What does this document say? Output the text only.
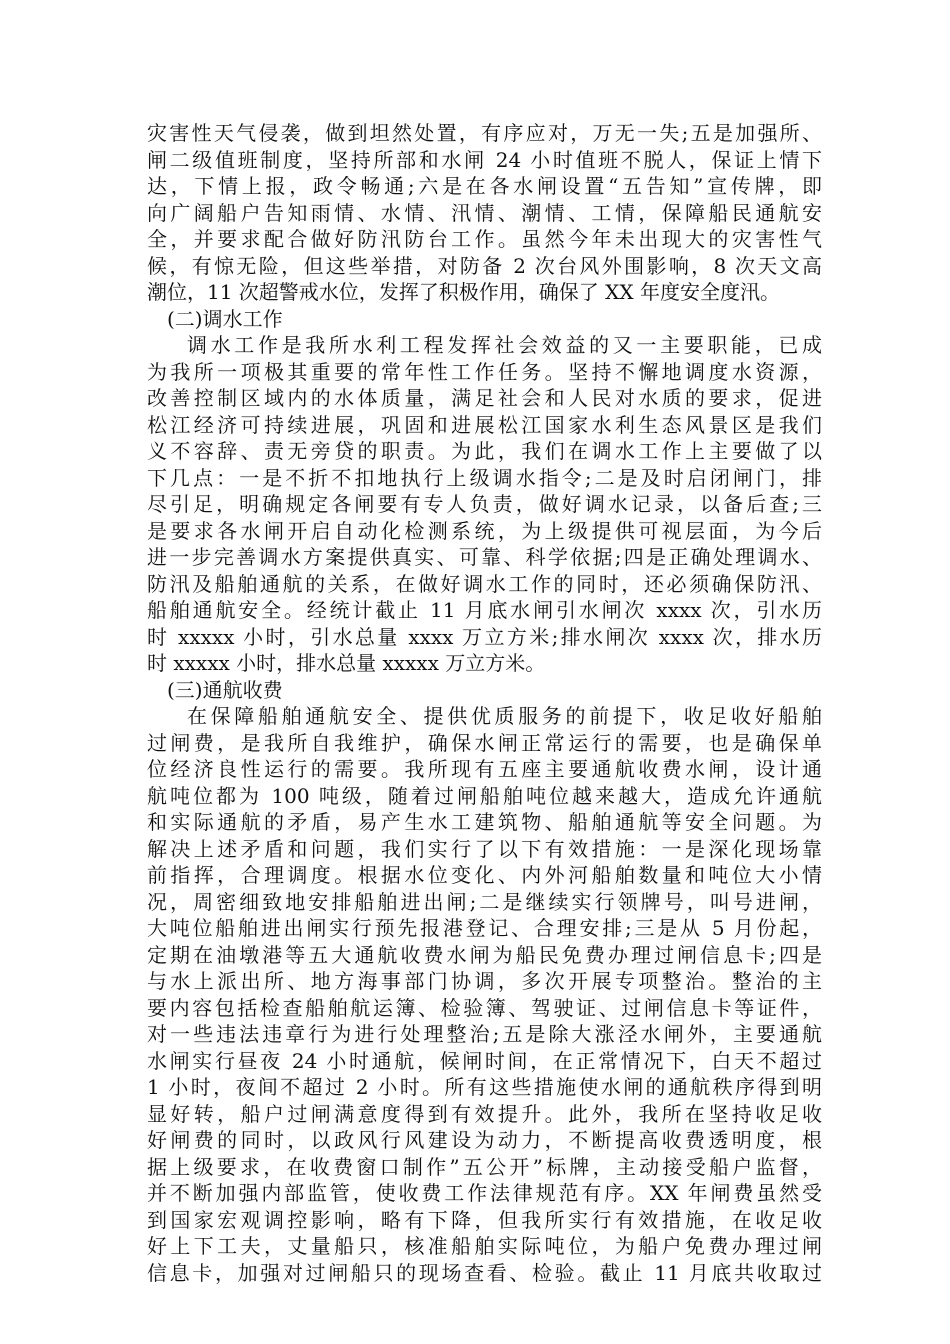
灾害性天气侵袭，做到坦然处置，有序应对，万无一失;五是加强所、
闸二级值班制度，坚持所部和水闸 24 小时值班不脱人，保证上情下
达，下情上报，政令畅通;六是在各水闸设置“五告知”宣传牌，即
向广阔船户告知雨情、水情、汛情、潮情、工情，保障船民通航安
全，并要求配合做好防汛防台工作。虽然今年未出现大的灾害性气
候，有惊无险，但这些举措，对防备 2 次台风外围影响，8 次天文高
潮位，11 次超警戒水位，发挥了积极作用，确保了 XX 年度安全度汛。
(二)调水工作
调水工作是我所水利工程发挥社会效益的又一主要职能，已成
为我所一项极其重要的常年性工作任务。坚持不懈地调度水资源，
改善控制区域内的水体质量，满足社会和人民对水质的要求，促进
松江经济可持续进展，巩固和进展松江国家水利生态风景区是我们
义不容辞、责无旁贷的职责。为此，我们在调水工作上主要做了以
下几点：一是不折不扣地执行上级调水指令;二是及时启闭闸门，排
尽引足，明确规定各闸要有专人负责，做好调水记录，以备后查;三
是要求各水闸开启自动化检测系统，为上级提供可视层面，为今后
进一步完善调水方案提供真实、可靠、科学依据;四是正确处理调水、
防汛及船舶通航的关系，在做好调水工作的同时，还必须确保防汛、
船舶通航安全。经统计截止 11 月底水闸引水闸次 xxxx 次，引水历
时 xxxxx 小时，引水总量 xxxx 万立方米;排水闸次 xxxx 次，排水历
时 xxxxx 小时，排水总量 xxxxx 万立方米。
(三)通航收费
在保障船舶通航安全、提供优质服务的前提下，收足收好船舶
过闸费，是我所自我维护，确保水闸正常运行的需要，也是确保单
位经济良性运行的需要。我所现有五座主要通航收费水闸，设计通
航吨位都为 100 吨级，随着过闸船舶吨位越来越大，造成允许通航
和实际通航的矛盾，易产生水工建筑物、船舶通航等安全问题。为
解决上述矛盾和问题，我们实行了以下有效措施：一是深化现场靠
前指挥，合理调度。根据水位变化、内外河船舶数量和吨位大小情
况，周密细致地安排船舶进出闸;二是继续实行领牌号，叫号进闸，
大吨位船舶进出闸实行预先报港登记、合理安排;三是从 5 月份起，
定期在油墩港等五大通航收费水闸为船民免费办理过闸信息卡;四是
与水上派出所、地方海事部门协调，多次开展专项整治。整治的主
要内容包括检查船舶航运簿、检验簿、驾驶证、过闸信息卡等证件，
对一些违法违章行为进行处理整治;五是除大涨泾水闸外，主要通航
水闸实行昼夜 24 小时通航，候闸时间，在正常情况下，白天不超过
1 小时，夜间不超过 2 小时。所有这些措施使水闸的通航秩序得到明
显好转，船户过闸满意度得到有效提升。此外，我所在坚持收足收
好闸费的同时，以政风行风建设为动力，不断提高收费透明度，根
据上级要求，在收费窗口制作”五公开”标牌，主动接受船户监督，
并不断加强内部监管，使收费工作法律规范有序。XX 年闸费虽然受
到国家宏观调控影响，略有下降，但我所实行有效措施，在收足收
好上下工夫，丈量船只，核准船舶实际吨位，为船户免费办理过闸
信息卡，加强对过闸船只的现场查看、检验。截止 11 月底共收取过
